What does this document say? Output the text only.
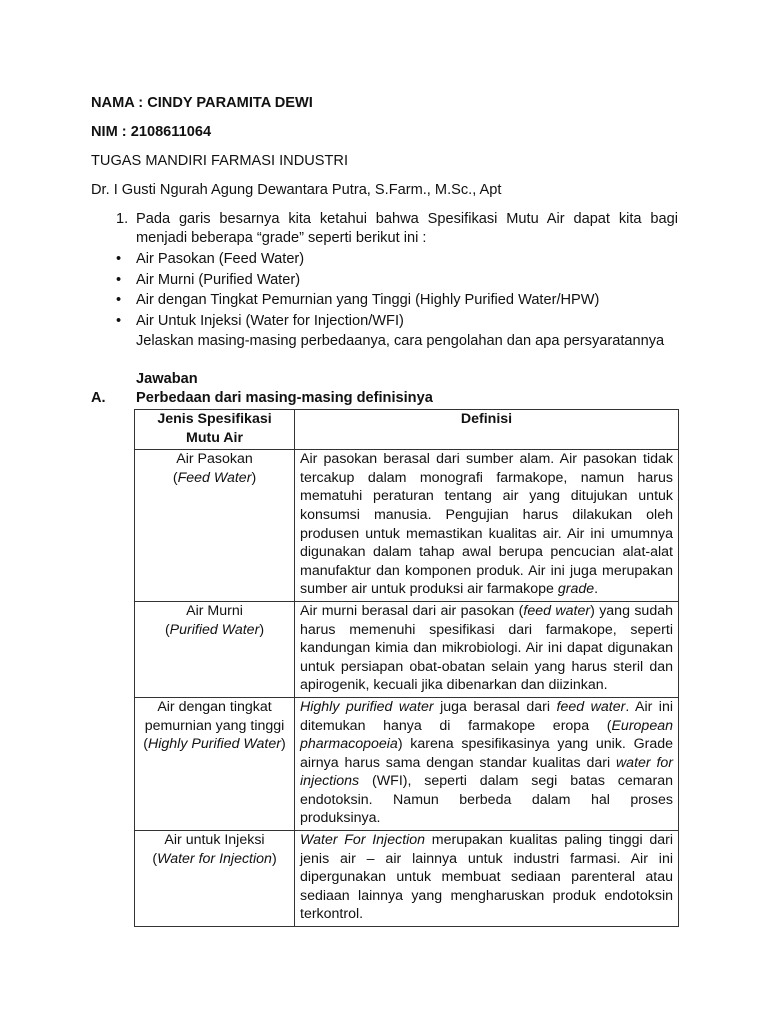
NAMA : CINDY PARAMITA DEWI
NIM : 2108611064
TUGAS MANDIRI FARMASI INDUSTRI
Dr. I Gusti Ngurah Agung Dewantara Putra, S.Farm., M.Sc., Apt
1. Pada garis besarnya kita ketahui bahwa Spesifikasi Mutu Air dapat kita bagi menjadi beberapa “grade” seperti berikut ini :
Air Pasokan (Feed Water)
Air Murni (Purified Water)
Air dengan Tingkat Pemurnian yang Tinggi (Highly Purified Water/HPW)
Air Untuk Injeksi (Water for Injection/WFI)
Jelaskan masing-masing perbedaanya, cara pengolahan dan apa persyaratannya
Jawaban
A. Perbedaan dari masing-masing definisinya
Jenis Spesifikasi Mutu Air	Definisi
Air Pasokan
(Feed Water)	Air pasokan berasal dari sumber alam. Air pasokan tidak tercakup dalam monografi farmakope, namun harus mematuhi peraturan tentang air yang ditujukan untuk konsumsi manusia. Pengujian harus dilakukan oleh produsen untuk memastikan kualitas air. Air ini umumnya digunakan dalam tahap awal berupa pencucian alat-alat manufaktur dan komponen produk. Air ini juga merupakan sumber air untuk produksi air farmakope grade.
Air Murni
(Purified Water)	Air murni berasal dari air pasokan (feed water) yang sudah harus memenuhi spesifikasi dari farmakope, seperti kandungan kimia dan mikrobiologi. Air ini dapat digunakan untuk persiapan obat-obatan selain yang harus steril dan apirogenik, kecuali jika dibenarkan dan diizinkan.
Air dengan tingkat pemurnian yang tinggi
(Highly Purified Water)	Highly purified water juga berasal dari feed water. Air ini ditemukan hanya di farmakope eropa (European pharmacopoeia) karena spesifikasinya yang unik. Grade airnya harus sama dengan standar kualitas dari water for injections (WFI), seperti dalam segi batas cemaran endotoksin. Namun berbeda dalam hal proses produksinya.
Air untuk Injeksi
(Water for Injection)	Water For Injection merupakan kualitas paling tinggi dari jenis air – air lainnya untuk industri farmasi. Air ini dipergunakan untuk membuat sediaan parenteral atau sediaan lainnya yang mengharuskan produk endotoksin terkontrol.
